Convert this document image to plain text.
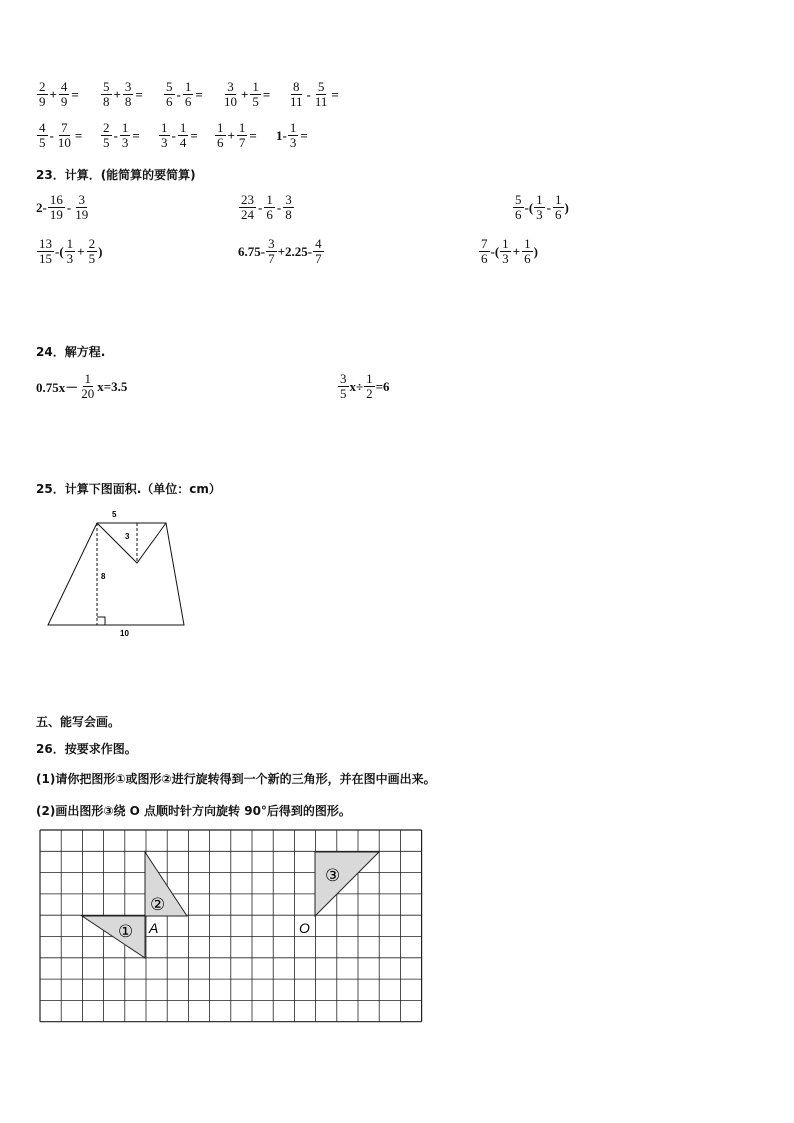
$\frac{2}{9} + \frac{4}{9} = \frac{5}{8} + \frac{3}{8} = \frac{5}{6} - \frac{1}{6} = \frac{3}{10} + \frac{1}{5} = \frac{8}{11} - \frac{5}{11}$ =
$\frac{4}{5} - \frac{7}{10} = \frac{2}{5} - \frac{1}{3} = \frac{1}{3} - \frac{1}{4} = \frac{1}{6} + \frac{1}{7} = 1- \frac{1}{3}$ =
23．计算．(能简算的要简算)
$2- \frac{16}{19} - \frac{3}{19}$	$\frac{23}{24} - \frac{1}{6} - \frac{3}{8}$	$\frac{5}{6}$ -( $\frac{1}{3} - \frac{1}{6}$ )
$\frac{13}{15}$ -( $\frac{1}{3} + \frac{2}{5}$ )	$6.75- \frac{3}{7} +2.25- \frac{4}{7}$	$\frac{7}{6}$ -( $\frac{1}{3} + \frac{1}{6}$ )
24．解方程.
$0.75x- \frac{1}{20} x=3.5$	$\frac{3}{5} x\div \frac{1}{2} =6$
25．计算下图面积.（单位：cm）
5
3
8
10
五、能写会画。
26．按要求作图。
(1)请你把图形①或图形②进行旋转得到一个新的三角形，并在图中画出来。
(2)画出图形③绕 O 点顺时针方向旋转 90°后得到的图形。
①
②
③
A	O
